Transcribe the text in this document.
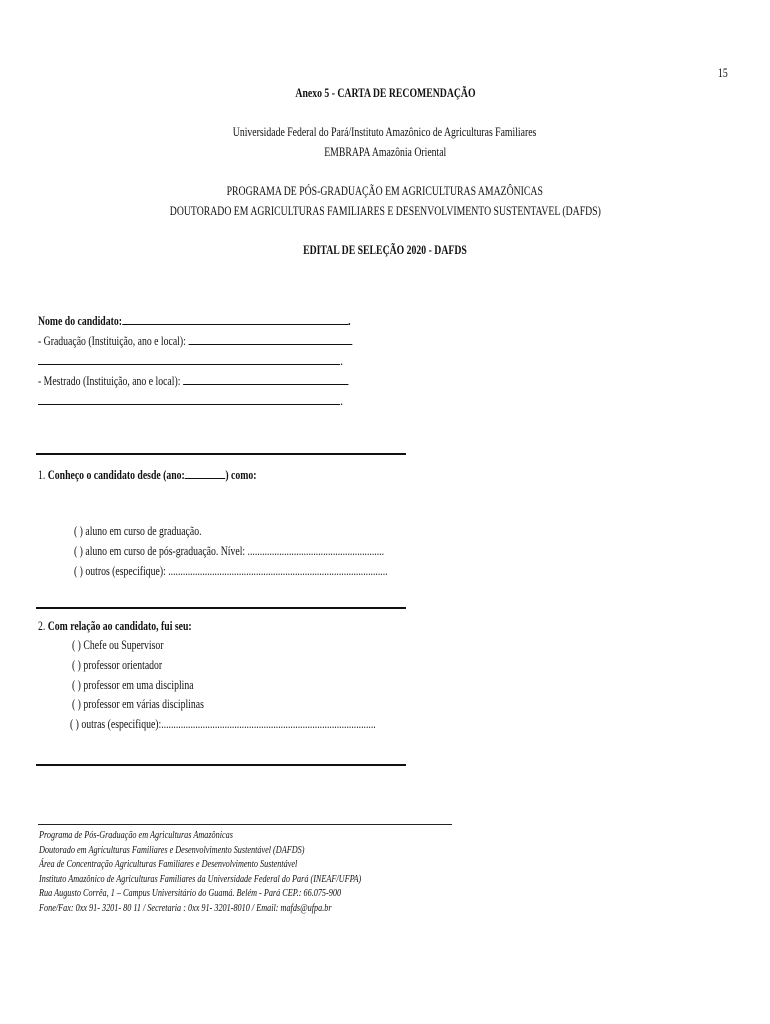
15
Anexo 5 - CARTA DE RECOMENDAÇÃO
Universidade Federal do Pará/Instituto Amazônico de Agriculturas Familiares
EMBRAPA Amazônia Oriental
PROGRAMA DE PÓS-GRADUAÇÃO EM AGRICULTURAS AMAZÔNICAS
DOUTORADO EM AGRICULTURAS FAMILIARES E DESENVOLVIMENTO SUSTENTAVEL (DAFDS)
EDITAL DE SELEÇÃO 2020 - DAFDS
Nome do candidato:	.
- Graduação (Instituição, ano e local):
.
- Mestrado (Instituição, ano e local):
.
1. Conheço o candidato desde (ano:	) como:
( ) aluno em curso de graduação.
( ) aluno em curso de pós-graduação. Nível: ........................................................
( ) outros (especifique): ..........................................................................................
2. Com relação ao candidato, fui seu:
( ) Chefe ou Supervisor
( ) professor orientador
( ) professor em uma disciplina
( ) professor em várias disciplinas
( ) outras (especifique):........................................................................................
Programa de Pós-Graduação em Agriculturas Amazônicas
Doutorado em Agriculturas Familiares e Desenvolvimento Sustentável (DAFDS)
Área de Concentração Agriculturas Familiares e Desenvolvimento Sustentável
Instituto Amazônico de Agriculturas Familiares da Universidade Federal do Pará (INEAF/UFPA)
Rua Augusto Corrêa, 1 – Campus Universitário do Guamá. Belém - Pará CEP.: 66.075-900
Fone/Fax: 0xx 91- 3201- 80 11 / Secretaria : 0xx 91- 3201-8010 / Email: mafds@ufpa.br
